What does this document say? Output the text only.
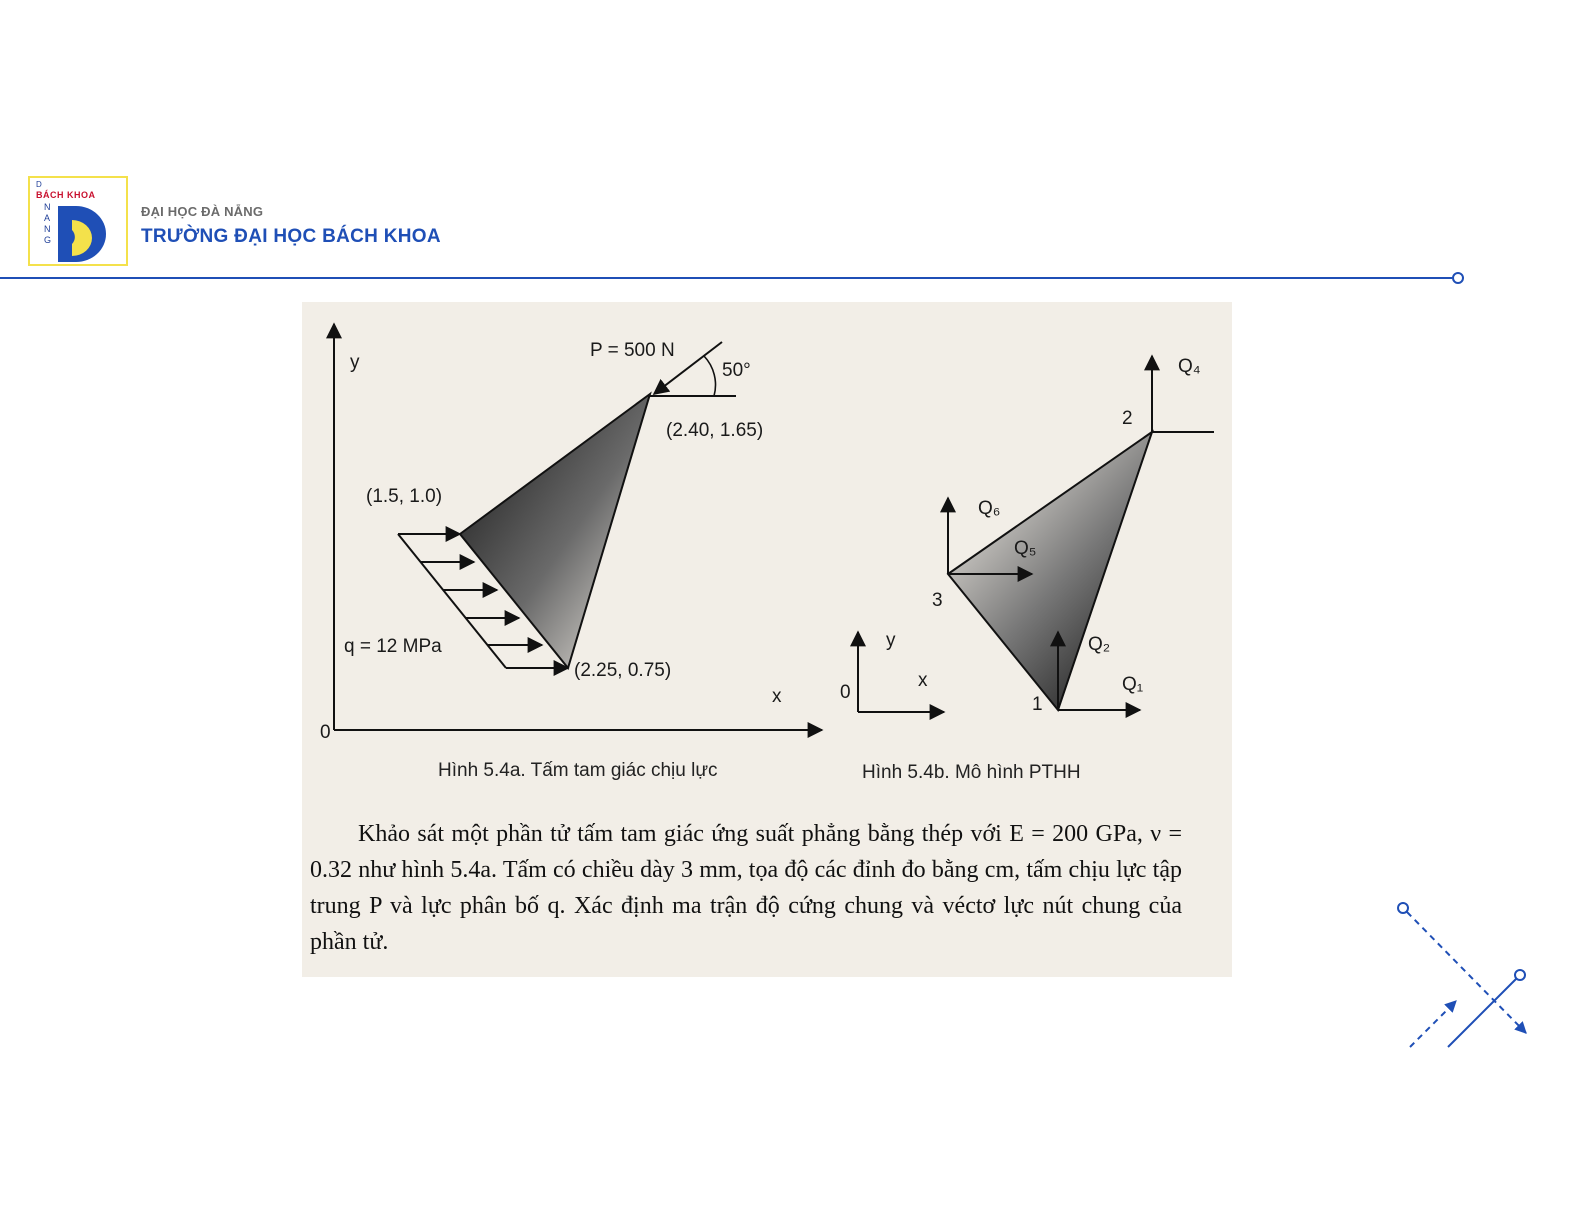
D
BÁCH KHOA
N
A
N
G
ĐẠI HỌC ĐÀ NẴNG
TRƯỜNG ĐẠI HỌC BÁCH KHOA
y
x
0
P = 500 N
50°
(2.40, 1.65)
(1.5, 1.0)
(2.25, 0.75)
q = 12 MPa	y
x
0
1
2
3
Q₁
Q₂
Q₄
Q₅
Q₆
Hình 5.4a. Tấm tam giác chịu lực	Hình 5.4b. Mô hình PTHH
Khảo sát một phần tử tấm tam giác ứng suất phẳng bằng thép với E = 200 GPa, ν = 0.32 như hình 5.4a. Tấm có chiều dày 3 mm, tọa độ các đỉnh đo bằng cm, tấm chịu lực tập trung P và lực phân bố q. Xác định ma trận độ cứng chung và véctơ lực nút chung của phần tử.
